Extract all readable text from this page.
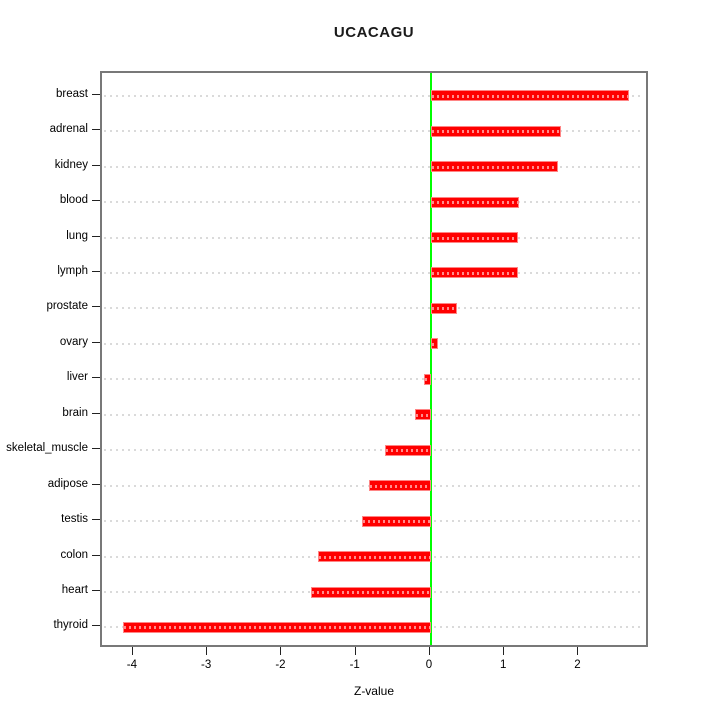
UCACAGU
Z-value
breast
adrenal
kidney
blood
lung
lymph
prostate
ovary
liver
brain
skeletal_muscle
adipose
testis
colon
heart
thyroid
-4	-3	-2	-1	0	1	2
